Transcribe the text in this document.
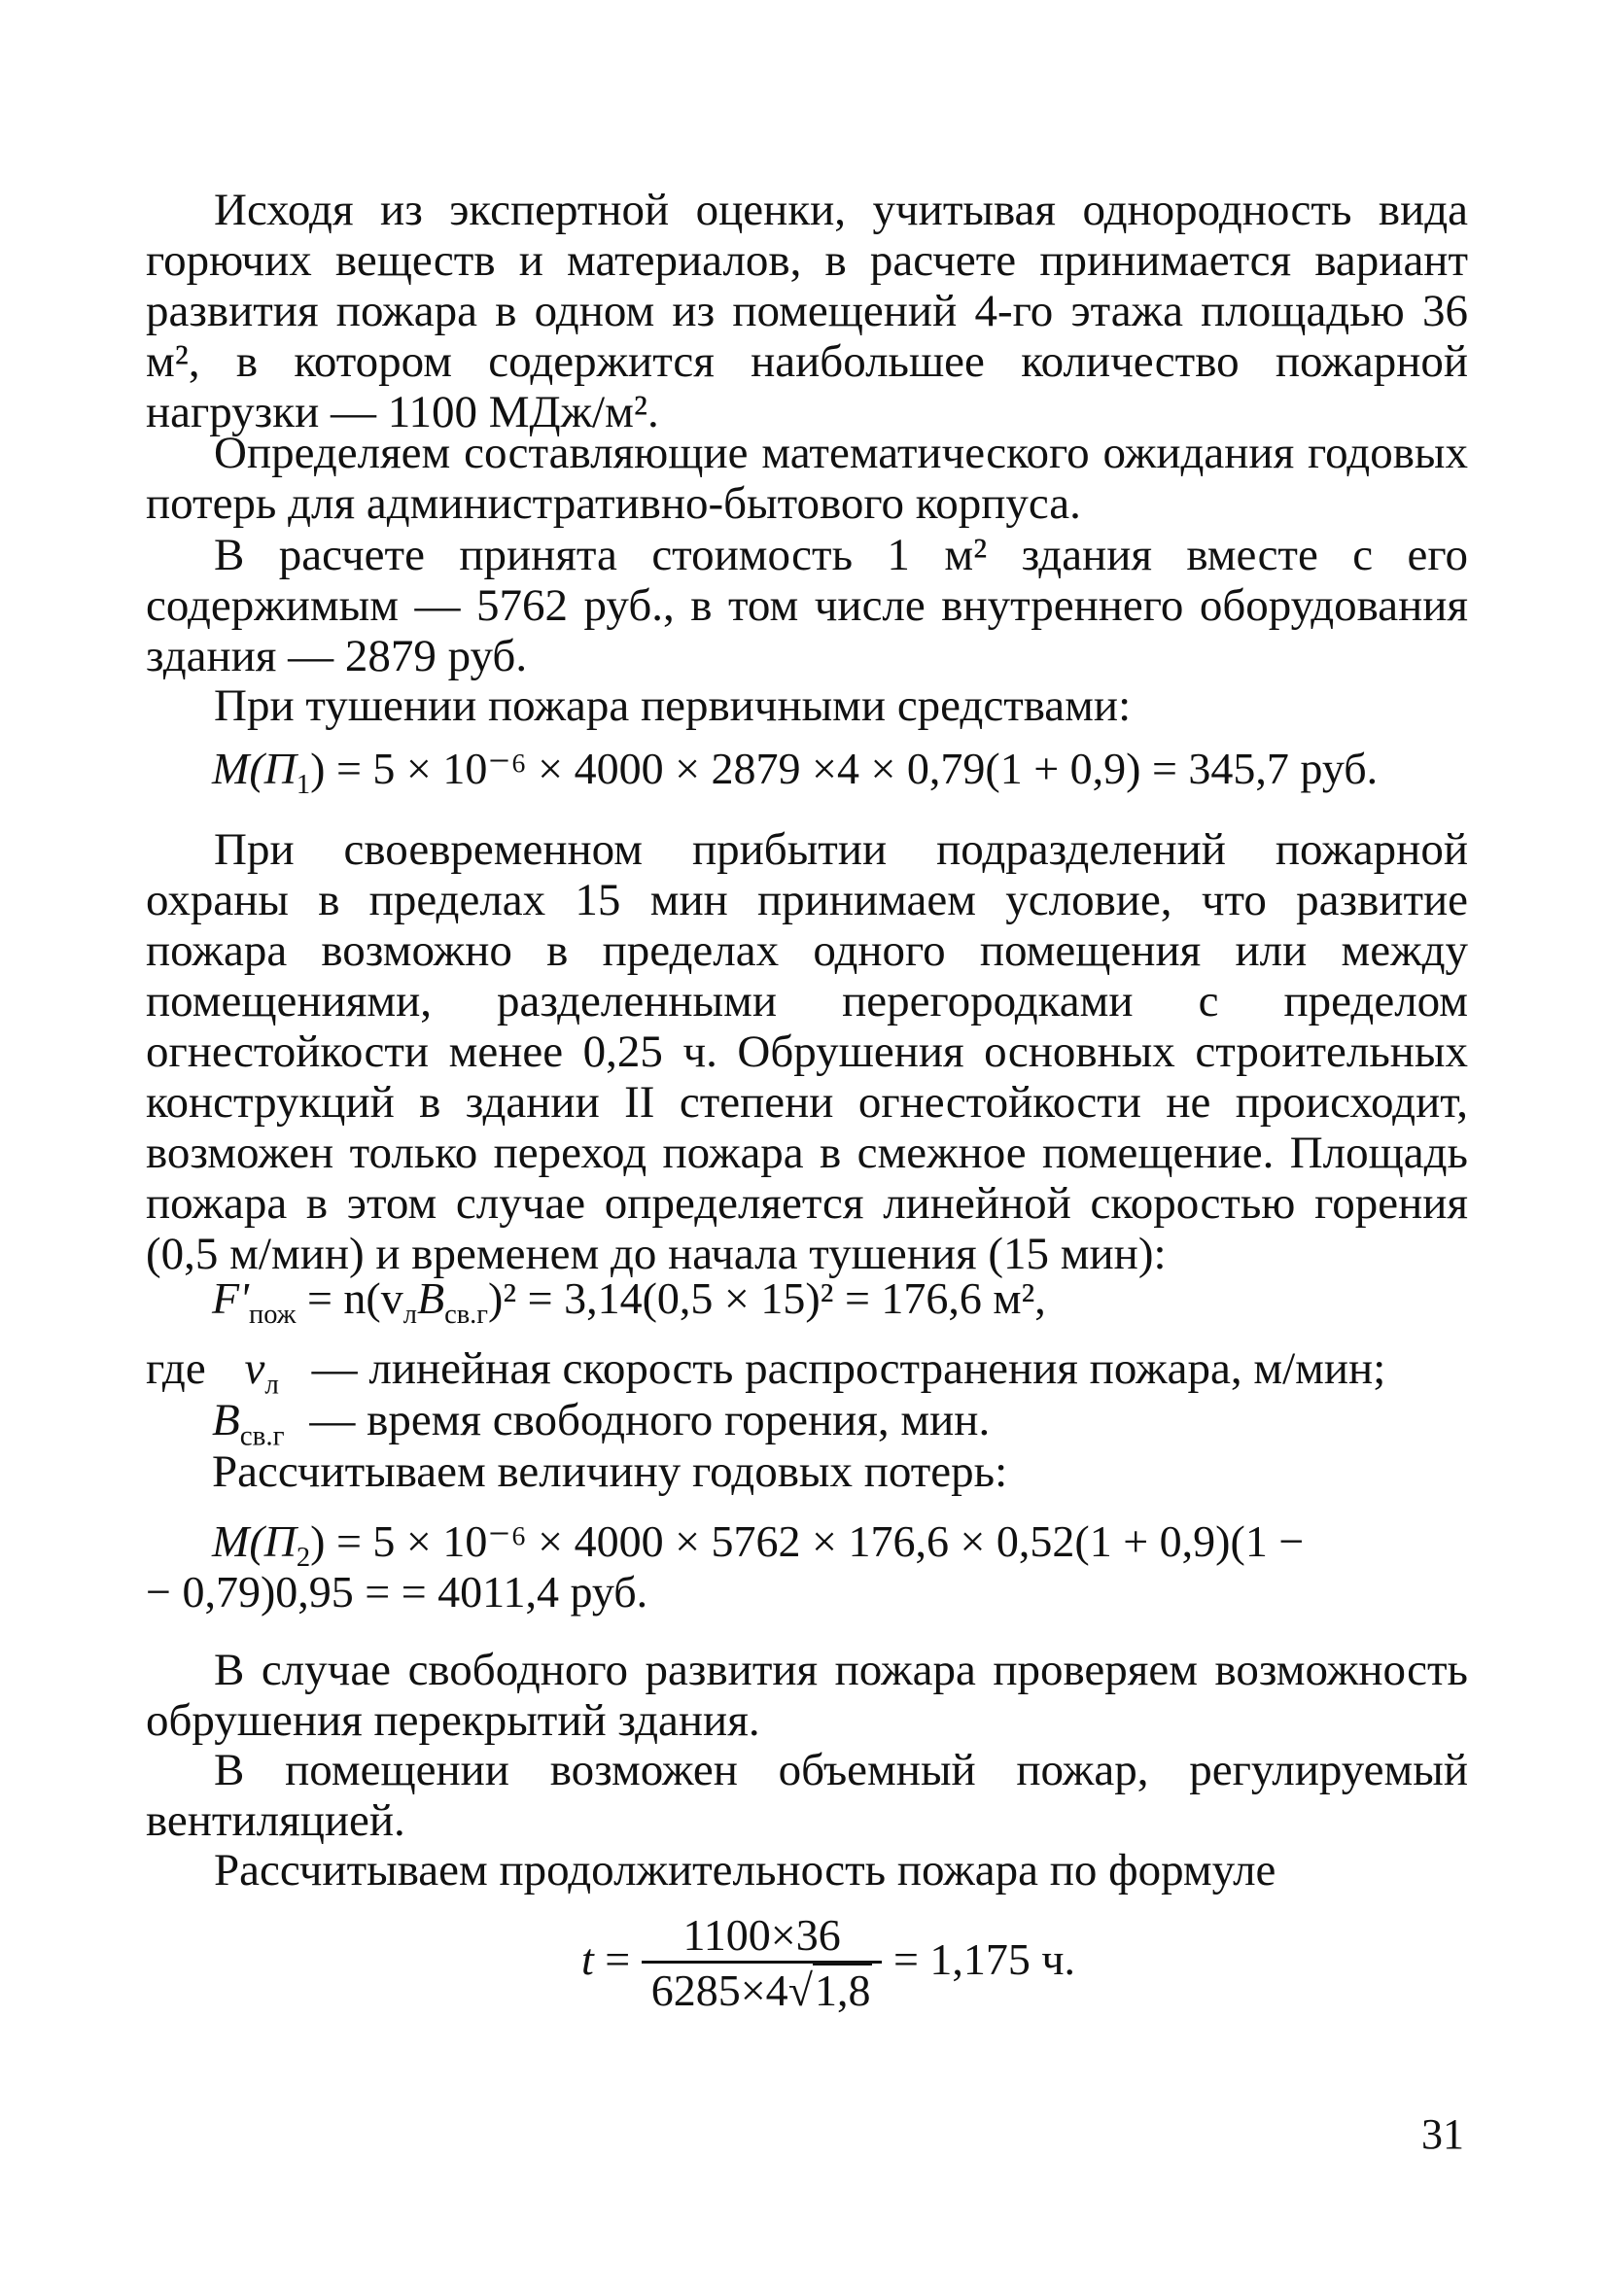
Исходя из экспертной оценки, учитывая однородность вида горючих веществ и материалов, в расчете принимается вариант развития пожара в одном из помещений 4-го этажа площадью 36 м², в котором содержится наибольшее количество пожарной нагрузки — 1100 МДж/м².

Определяем составляющие математического ожидания годовых потерь для административно-бытового корпуса.

В расчете принята стоимость 1 м² здания вместе с его содержимым — 5762 руб., в том числе внутреннего оборудования здания — 2879 руб.

При тушении пожара первичными средствами:

$М(П_1) = 5 \times 10^{-6} \times 4000 \times 2879 \times 4 \times 0,79(1 + 0,9) = 345,7$ руб.

При своевременном прибытии подразделений пожарной охраны в пределах 15 мин принимаем условие, что развитие пожара возможно в пределах одного помещения или между помещениями, разделенными перегородками с пределом огнестойкости менее 0,25 ч. Обрушения основных строительных конструкций в здании II степени огнестойкости не происходит, возможен только переход пожара в смежное помещение. Площадь пожара в этом случае определяется линейной скоростью горения (0,5 м/мин) и временем до начала тушения (15 мин):

$F'_{пож} = n(v_лB_{св.г})^2 = 3,14(0,5 \times 15)^2 = 176,6$ м²,
где $v_л$ — линейная скорость распространения пожара, м/мин;
$B_{св.г}$ — время свободного горения, мин.

Рассчитываем величину годовых потерь:

$М(П_2) = 5 \times 10^{-6} \times 4000 \times 5762 \times 176,6 \times 0,52(1 + 0,9)(1$ −
− 0,79)0,95 = = 4011,4 руб.

В случае свободного развития пожара проверяем возможность обрушения перекрытий здания.

В помещении возможен объемный пожар, регулируемый вентиляцией.

Рассчитываем продолжительность пожара по формуле

$t = \frac{1100\times 36}{6285\times 4√1,8} = 1,175$ ч.
31
